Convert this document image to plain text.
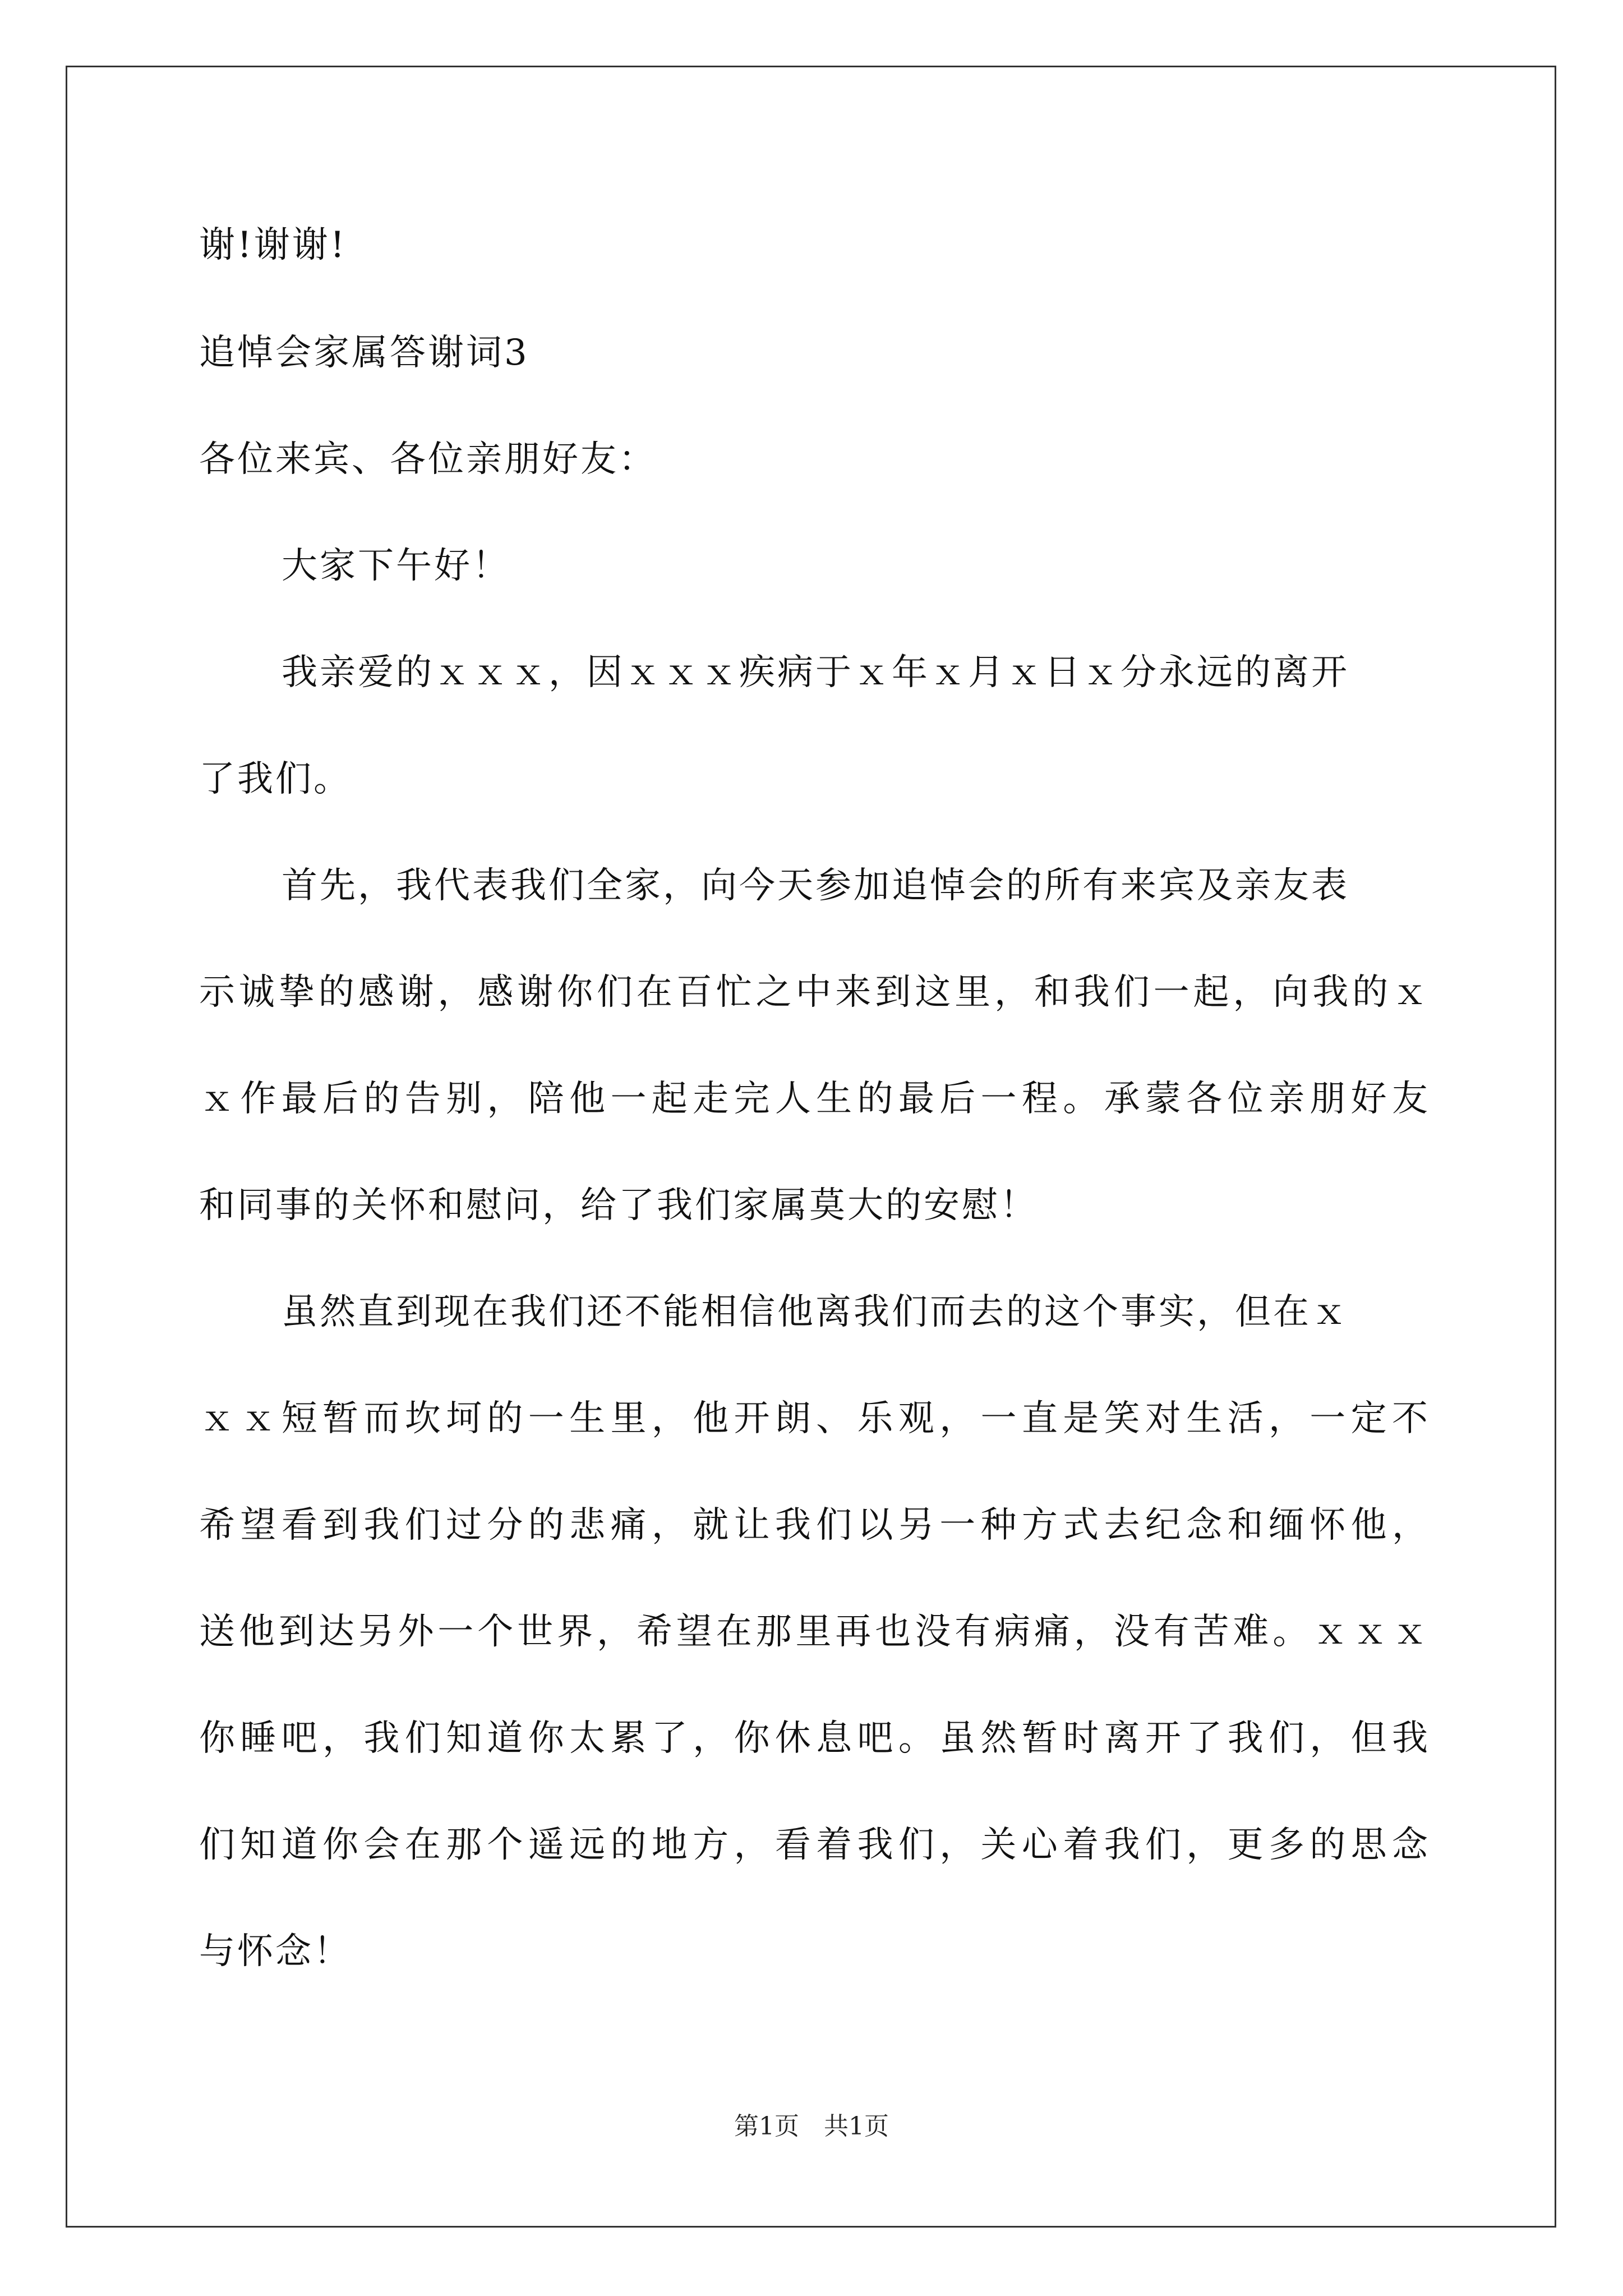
谢!谢谢!
追悼会家属答谢词3
各位来宾、各位亲朋好友：
大家下午好！
我亲爱的ｘｘｘ，因ｘｘｘ疾病于ｘ年ｘ月ｘ日ｘ分永远的离开
了我们。
首先，我代表我们全家，向今天参加追悼会的所有来宾及亲友表
示诚挚的感谢，感谢你们在百忙之中来到这里，和我们一起，向我的ｘ
ｘ作最后的告别，陪他一起走完人生的最后一程。承蒙各位亲朋好友
和同事的关怀和慰问，给了我们家属莫大的安慰！
虽然直到现在我们还不能相信他离我们而去的这个事实，但在ｘ
ｘｘ短暂而坎坷的一生里，他开朗、乐观，一直是笑对生活，一定不
希望看到我们过分的悲痛，就让我们以另一种方式去纪念和缅怀他，
送他到达另外一个世界，希望在那里再也没有病痛，没有苦难。ｘｘｘ
你睡吧，我们知道你太累了，你休息吧。虽然暂时离开了我们，但我
们知道你会在那个遥远的地方，看着我们，关心着我们，更多的思念
与怀念！
第1页　共1页
